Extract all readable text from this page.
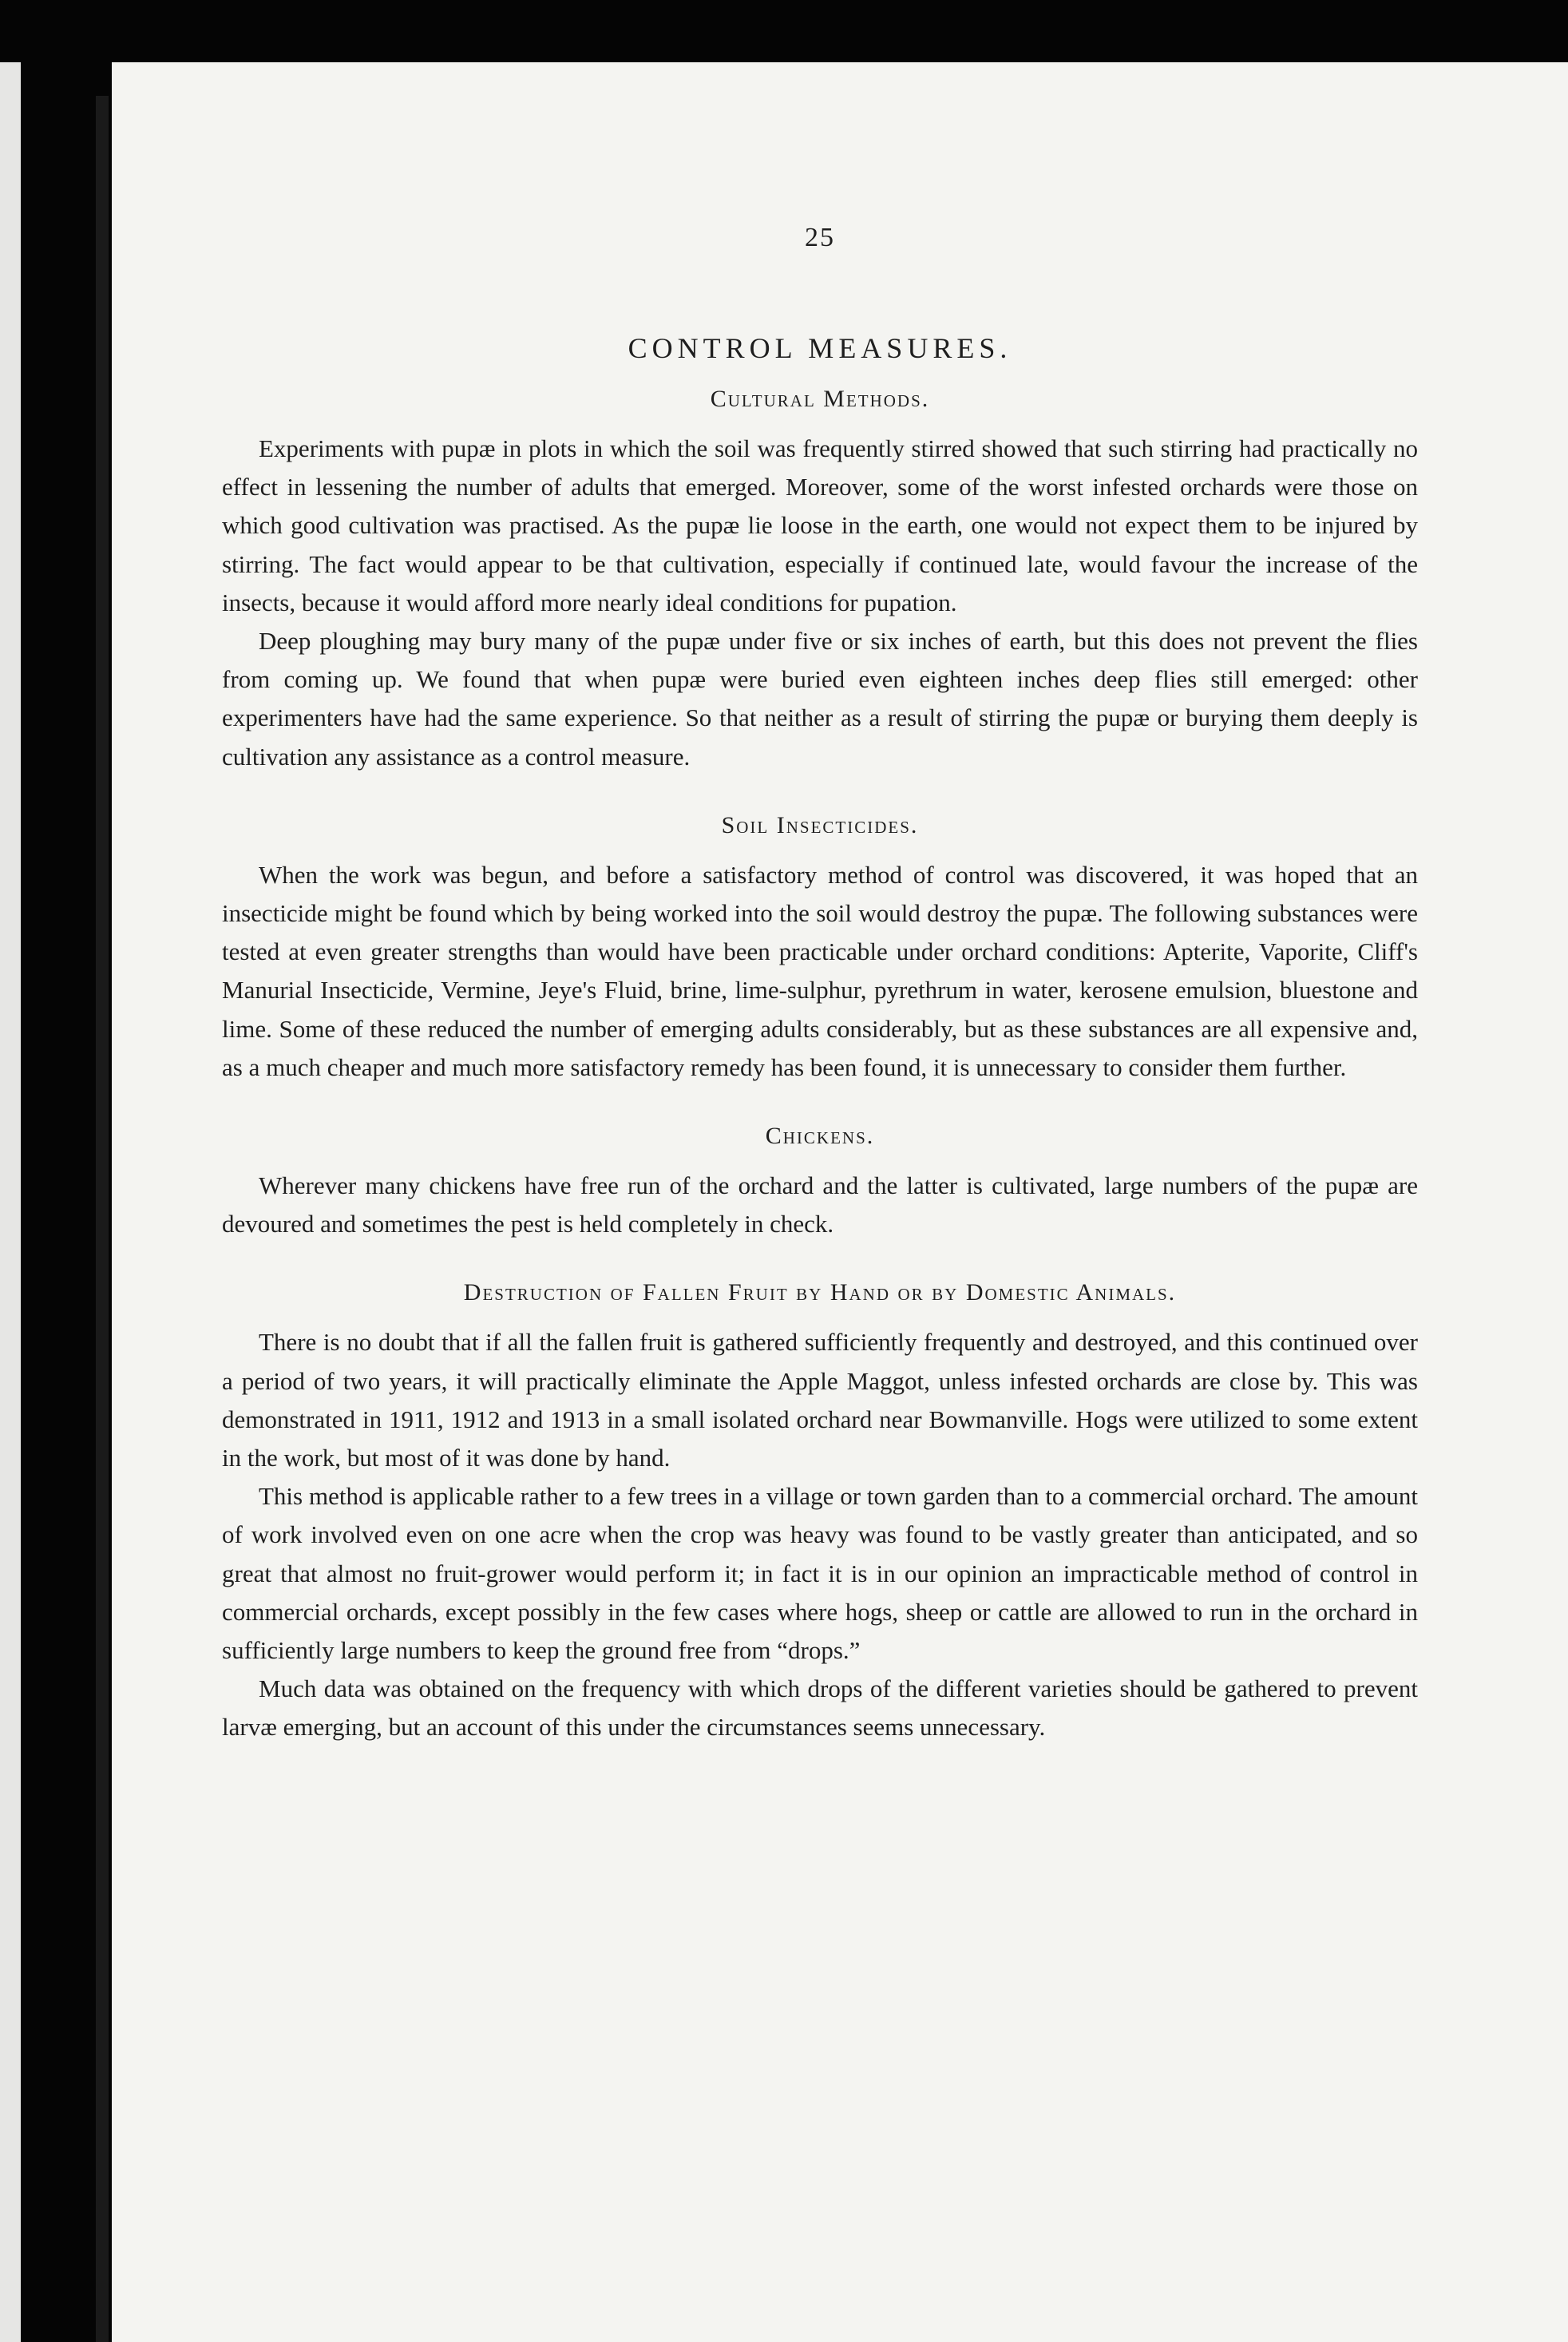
25
CONTROL MEASURES.
Cultural Methods.

Experiments with pupæ in plots in which the soil was frequently stirred showed that such stirring had practically no effect in lessening the number of adults that emerged. Moreover, some of the worst infested orchards were those on which good cultivation was practised. As the pupæ lie loose in the earth, one would not expect them to be injured by stirring. The fact would appear to be that cultivation, especially if continued late, would favour the increase of the insects, because it would afford more nearly ideal conditions for pupation.

Deep ploughing may bury many of the pupæ under five or six inches of earth, but this does not prevent the flies from coming up. We found that when pupæ were buried even eighteen inches deep flies still emerged: other experimenters have had the same experience. So that neither as a result of stirring the pupæ or burying them deeply is cultivation any assistance as a control measure.

Soil Insecticides.

When the work was begun, and before a satisfactory method of control was discovered, it was hoped that an insecticide might be found which by being worked into the soil would destroy the pupæ. The following substances were tested at even greater strengths than would have been practicable under orchard conditions: Apterite, Vaporite, Cliff's Manurial Insecticide, Vermine, Jeye's Fluid, brine, lime-sulphur, pyrethrum in water, kerosene emulsion, bluestone and lime. Some of these reduced the number of emerging adults considerably, but as these substances are all expensive and, as a much cheaper and much more satisfactory remedy has been found, it is unnecessary to consider them further.

Chickens.

Wherever many chickens have free run of the orchard and the latter is cultivated, large numbers of the pupæ are devoured and sometimes the pest is held completely in check.

Destruction of Fallen Fruit by Hand or by Domestic Animals.

There is no doubt that if all the fallen fruit is gathered sufficiently frequently and destroyed, and this continued over a period of two years, it will practically eliminate the Apple Maggot, unless infested orchards are close by. This was demonstrated in 1911, 1912 and 1913 in a small isolated orchard near Bowmanville. Hogs were utilized to some extent in the work, but most of it was done by hand.

This method is applicable rather to a few trees in a village or town garden than to a commercial orchard. The amount of work involved even on one acre when the crop was heavy was found to be vastly greater than anticipated, and so great that almost no fruit-grower would perform it; in fact it is in our opinion an impracticable method of control in commercial orchards, except possibly in the few cases where hogs, sheep or cattle are allowed to run in the orchard in sufficiently large numbers to keep the ground free from “drops.”

Much data was obtained on the frequency with which drops of the different varieties should be gathered to prevent larvæ emerging, but an account of this under the circumstances seems unnecessary.
